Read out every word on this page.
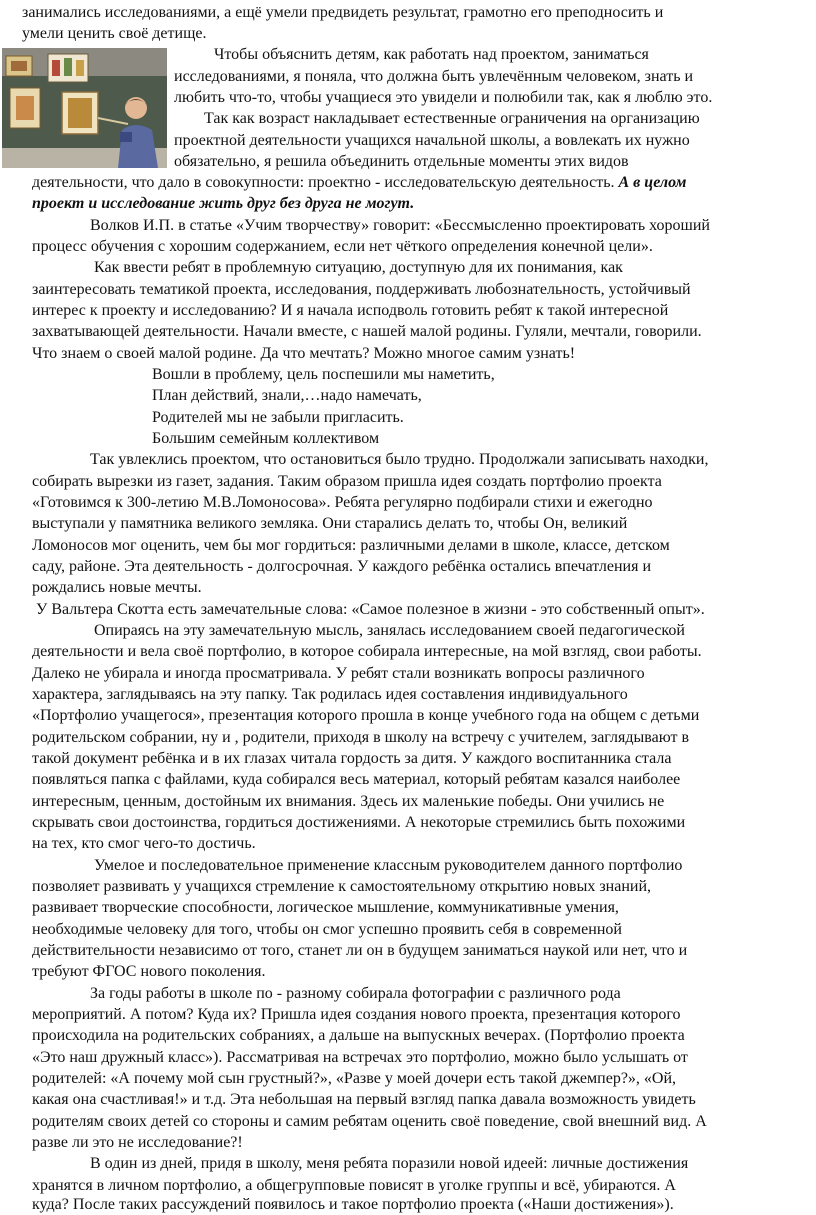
занимались исследованиями, а ещё умели предвидеть результат, грамотно его преподносить и
умели ценить своё детище.
Чтобы объяснить детям, как работать над проектом, заниматься
исследованиями, я поняла, что должна быть увлечённым человеком, знать и
любить что-то, чтобы учащиеся это увидели и полюбили так, как я люблю это.
Так как возраст накладывает естественные ограничения на организацию
проектной деятельности учащихся начальной школы, а вовлекать их нужно
обязательно, я решила объединить отдельные моменты этих видов
деятельности, что дало в совокупности: проектно - исследовательскую деятельность. А в целом
проект и исследование жить друг без друга не могут.
Волков И.П. в статье «Учим творчеству» говорит: «Бессмысленно проектировать хороший
процесс обучения с хорошим содержанием, если нет чёткого определения конечной цели».
Как ввести ребят в проблемную ситуацию, доступную для их понимания, как
заинтересовать тематикой проекта, исследования, поддерживать любознательность, устойчивый
интерес к проекту и исследованию? И я начала исподволь готовить ребят к такой интересной
захватывающей деятельности. Начали вместе, с нашей малой родины. Гуляли, мечтали, говорили.
Что знаем о своей малой родине. Да что мечтать? Можно многое самим узнать!
Вошли в проблему, цель поспешили мы наметить,
План действий, знали,…надо намечать,
Родителей мы не забыли пригласить.
Большим семейным коллективом
Так увлеклись проектом, что остановиться было трудно. Продолжали записывать находки,
собирать вырезки из газет, задания. Таким образом пришла идея создать портфолио проекта
«Готовимся к 300-летию М.В.Ломоносова». Ребята регулярно подбирали стихи и ежегодно
выступали у памятника великого земляка. Они старались делать то, чтобы Он, великий
Ломоносов мог оценить, чем бы мог гордиться: различными делами в школе, классе, детском
саду, районе. Эта деятельность - долгосрочная. У каждого ребёнка остались впечатления и
рождались новые мечты.
У Вальтера Скотта есть замечательные слова: «Самое полезное в жизни - это собственный опыт».
Опираясь на эту замечательную мысль, занялась исследованием своей педагогической
деятельности и вела своё портфолио, в которое собирала интересные, на мой взгляд, свои работы.
Далеко не убирала и иногда просматривала. У ребят стали возникать вопросы различного
характера, заглядываясь на эту папку. Так родилась идея составления индивидуального
«Портфолио учащегося», презентация которого прошла в конце учебного года на общем с детьми
родительском собрании, ну и , родители, приходя в школу на встречу с учителем, заглядывают в
такой документ ребёнка и в их глазах читала гордость за дитя. У каждого воспитанника стала
появляться папка с файлами, куда собирался весь материал, который ребятам казался наиболее
интересным, ценным, достойным их внимания. Здесь их маленькие победы. Они учились не
скрывать свои достоинства, гордиться достижениями. А некоторые стремились быть похожими
на тех, кто смог чего-то достичь.
Умелое и последовательное применение классным руководителем данного портфолио
позволяет развивать у учащихся стремление к самостоятельному открытию новых знаний,
развивает творческие способности, логическое мышление, коммуникативные умения,
необходимые человеку для того, чтобы он смог успешно проявить себя в современной
действительности независимо от того, станет ли он в будущем заниматься наукой или нет, что и
требуют ФГОС нового поколения.
За годы работы в школе по - разному собирала фотографии с различного рода
мероприятий. А потом? Куда их? Пришла идея создания нового проекта, презентация которого
происходила на родительских собраниях, а дальше на выпускных вечерах. (Портфолио проекта
«Это наш дружный класс»). Рассматривая на встречах это портфолио, можно было услышать от
родителей: «А почему мой сын грустный?», «Разве у моей дочери есть такой джемпер?», «Ой,
какая она счастливая!» и т.д. Эта небольшая на первый взгляд папка давала возможность увидеть
родителям своих детей со стороны и самим ребятам оценить своё поведение, свой внешний вид. А
разве ли это не исследование?!
В один из дней, придя в школу, меня ребята поразили новой идеей: личные достижения
хранятся в личном портфолио, а общегрупповые повисят в уголке группы и всё, убираются. А
куда? После таких рассуждений появилось и такое портфолио проекта («Наши достижения»).
